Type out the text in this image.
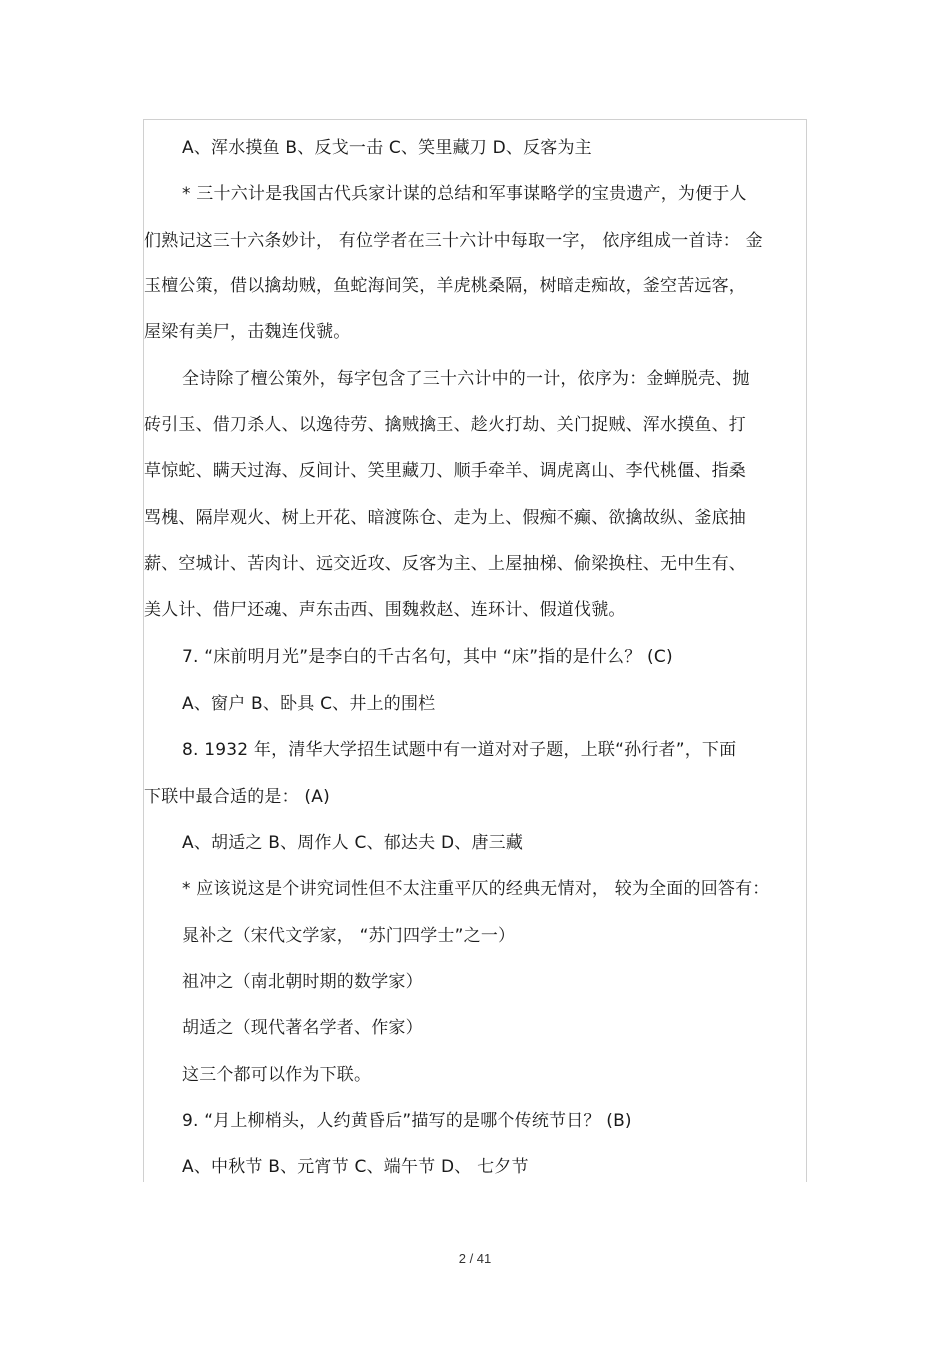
A、浑水摸鱼 B、反戈一击 C、笑里藏刀 D、反客为主
* 三十六计是我国古代兵家计谋的总结和军事谋略学的宝贵遗产，为便于人
们熟记这三十六条妙计， 有位学者在三十六计中每取一字， 依序组成一首诗： 金
玉檀公策，借以擒劫贼，鱼蛇海间笑，羊虎桃桑隔，树暗走痴故，釜空苦远客，
屋梁有美尸，击魏连伐虢。
全诗除了檀公策外，每字包含了三十六计中的一计，依序为：金蝉脱壳、抛
砖引玉、借刀杀人、以逸待劳、擒贼擒王、趁火打劫、关门捉贼、浑水摸鱼、打
草惊蛇、瞒天过海、反间计、笑里藏刀、顺手牵羊、调虎离山、李代桃僵、指桑
骂槐、隔岸观火、树上开花、暗渡陈仓、走为上、假痴不癫、欲擒故纵、釜底抽
薪、空城计、苦肉计、远交近攻、反客为主、上屋抽梯、偷梁换柱、无中生有、
美人计、借尸还魂、声东击西、围魏救赵、连环计、假道伐虢。
7. “床前明月光”是李白的千古名句，其中 “床”指的是什么？ (C)
A、窗户 B、卧具 C、井上的围栏
8. 1932 年，清华大学招生试题中有一道对对子题，上联“孙行者”，下面
下联中最合适的是： (A)
A、胡适之 B、周作人 C、郁达夫 D、唐三藏
* 应该说这是个讲究词性但不太注重平仄的经典无情对， 较为全面的回答有：
晁补之（宋代文学家， “苏门四学士”之一）
祖冲之（南北朝时期的数学家）
胡适之（现代著名学者、作家）
这三个都可以作为下联。
9. “月上柳梢头，人约黄昏后”描写的是哪个传统节日？ (B)
A、中秋节 B、元宵节 C、端午节 D、 七夕节
2 / 41
